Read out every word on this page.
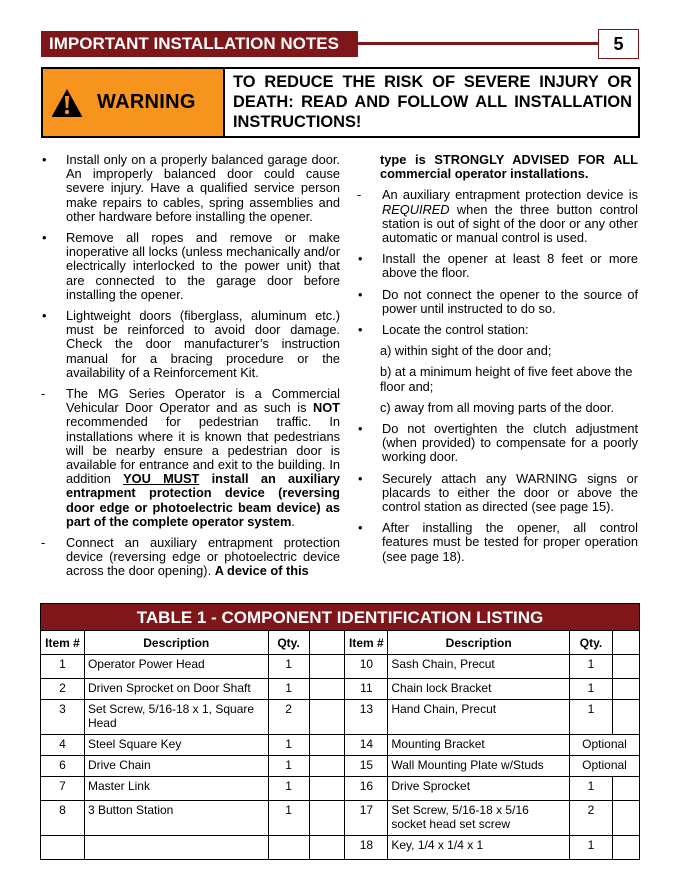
IMPORTANT INSTALLATION NOTES	5
WARNING
TO REDUCE THE RISK OF SEVERE INJURY OR DEATH: READ AND FOLLOW ALL INSTALLATION INSTRUCTIONS!
• Install only on a properly balanced garage door. An improperly balanced door could cause severe injury. Have a qualified service person make repairs to cables, spring assemblies and other hardware before installing the opener.
• Remove all ropes and remove or make inoperative all locks (unless mechanically and/or electrically interlocked to the power unit) that are connected to the garage door before installing the opener.
• Lightweight doors (fiberglass, aluminum etc.) must be reinforced to avoid door damage. Check the door manufacturer’s instruction manual for a bracing procedure or the availability of a Reinforcement Kit.
- The MG Series Operator is a Commercial Vehicular Door Operator and as such is NOT recommended for pedestrian traffic. In installations where it is known that pedestrians will be nearby ensure a pedestrian door is available for entrance and exit to the building. In addition YOU MUST install an auxiliary entrapment protection device (reversing door edge or photoelectric beam device) as part of the complete operator system.
- Connect an auxiliary entrapment protection device (reversing edge or photoelectric device across the door opening). A device of this
type is STRONGLY ADVISED FOR ALL commercial operator installations.
- An auxiliary entrapment protection device is REQUIRED when the three button control station is out of sight of the door or any other automatic or manual control is used.
• Install the opener at least 8 feet or more above the floor.
• Do not connect the opener to the source of power until instructed to do so.
• Locate the control station:
a) within sight of the door and;
b) at a minimum height of five feet above the floor and;
c) away from all moving parts of the door.
• Do not overtighten the clutch adjustment (when provided) to compensate for a poorly working door.
• Securely attach any WARNING signs or placards to either the door or above the control station as directed (see page 15).
• After installing the opener, all control features must be tested for proper operation (see page 18).
TABLE 1 - COMPONENT IDENTIFICATION LISTING
Item #	Description	Qty.		Item #	Description	Qty.	
1	Operator Power Head	1		10	Sash Chain, Precut	1	
2	Driven Sprocket on Door Shaft	1		11	Chain lock Bracket	1	
3	Set Screw, 5/16-18 x 1, Square Head	2		13	Hand Chain, Precut	1	
4	Steel Square Key	1		14	Mounting Bracket	Optional	
6	Drive Chain	1		15	Wall Mounting Plate w/Studs	Optional	
7	Master Link	1		16	Drive Sprocket	1	
8	3 Button Station	1		17	Set Screw, 5/16-18 x 5/16 socket head set screw	2	
				18	Key, 1/4 x 1/4 x 1	1	
